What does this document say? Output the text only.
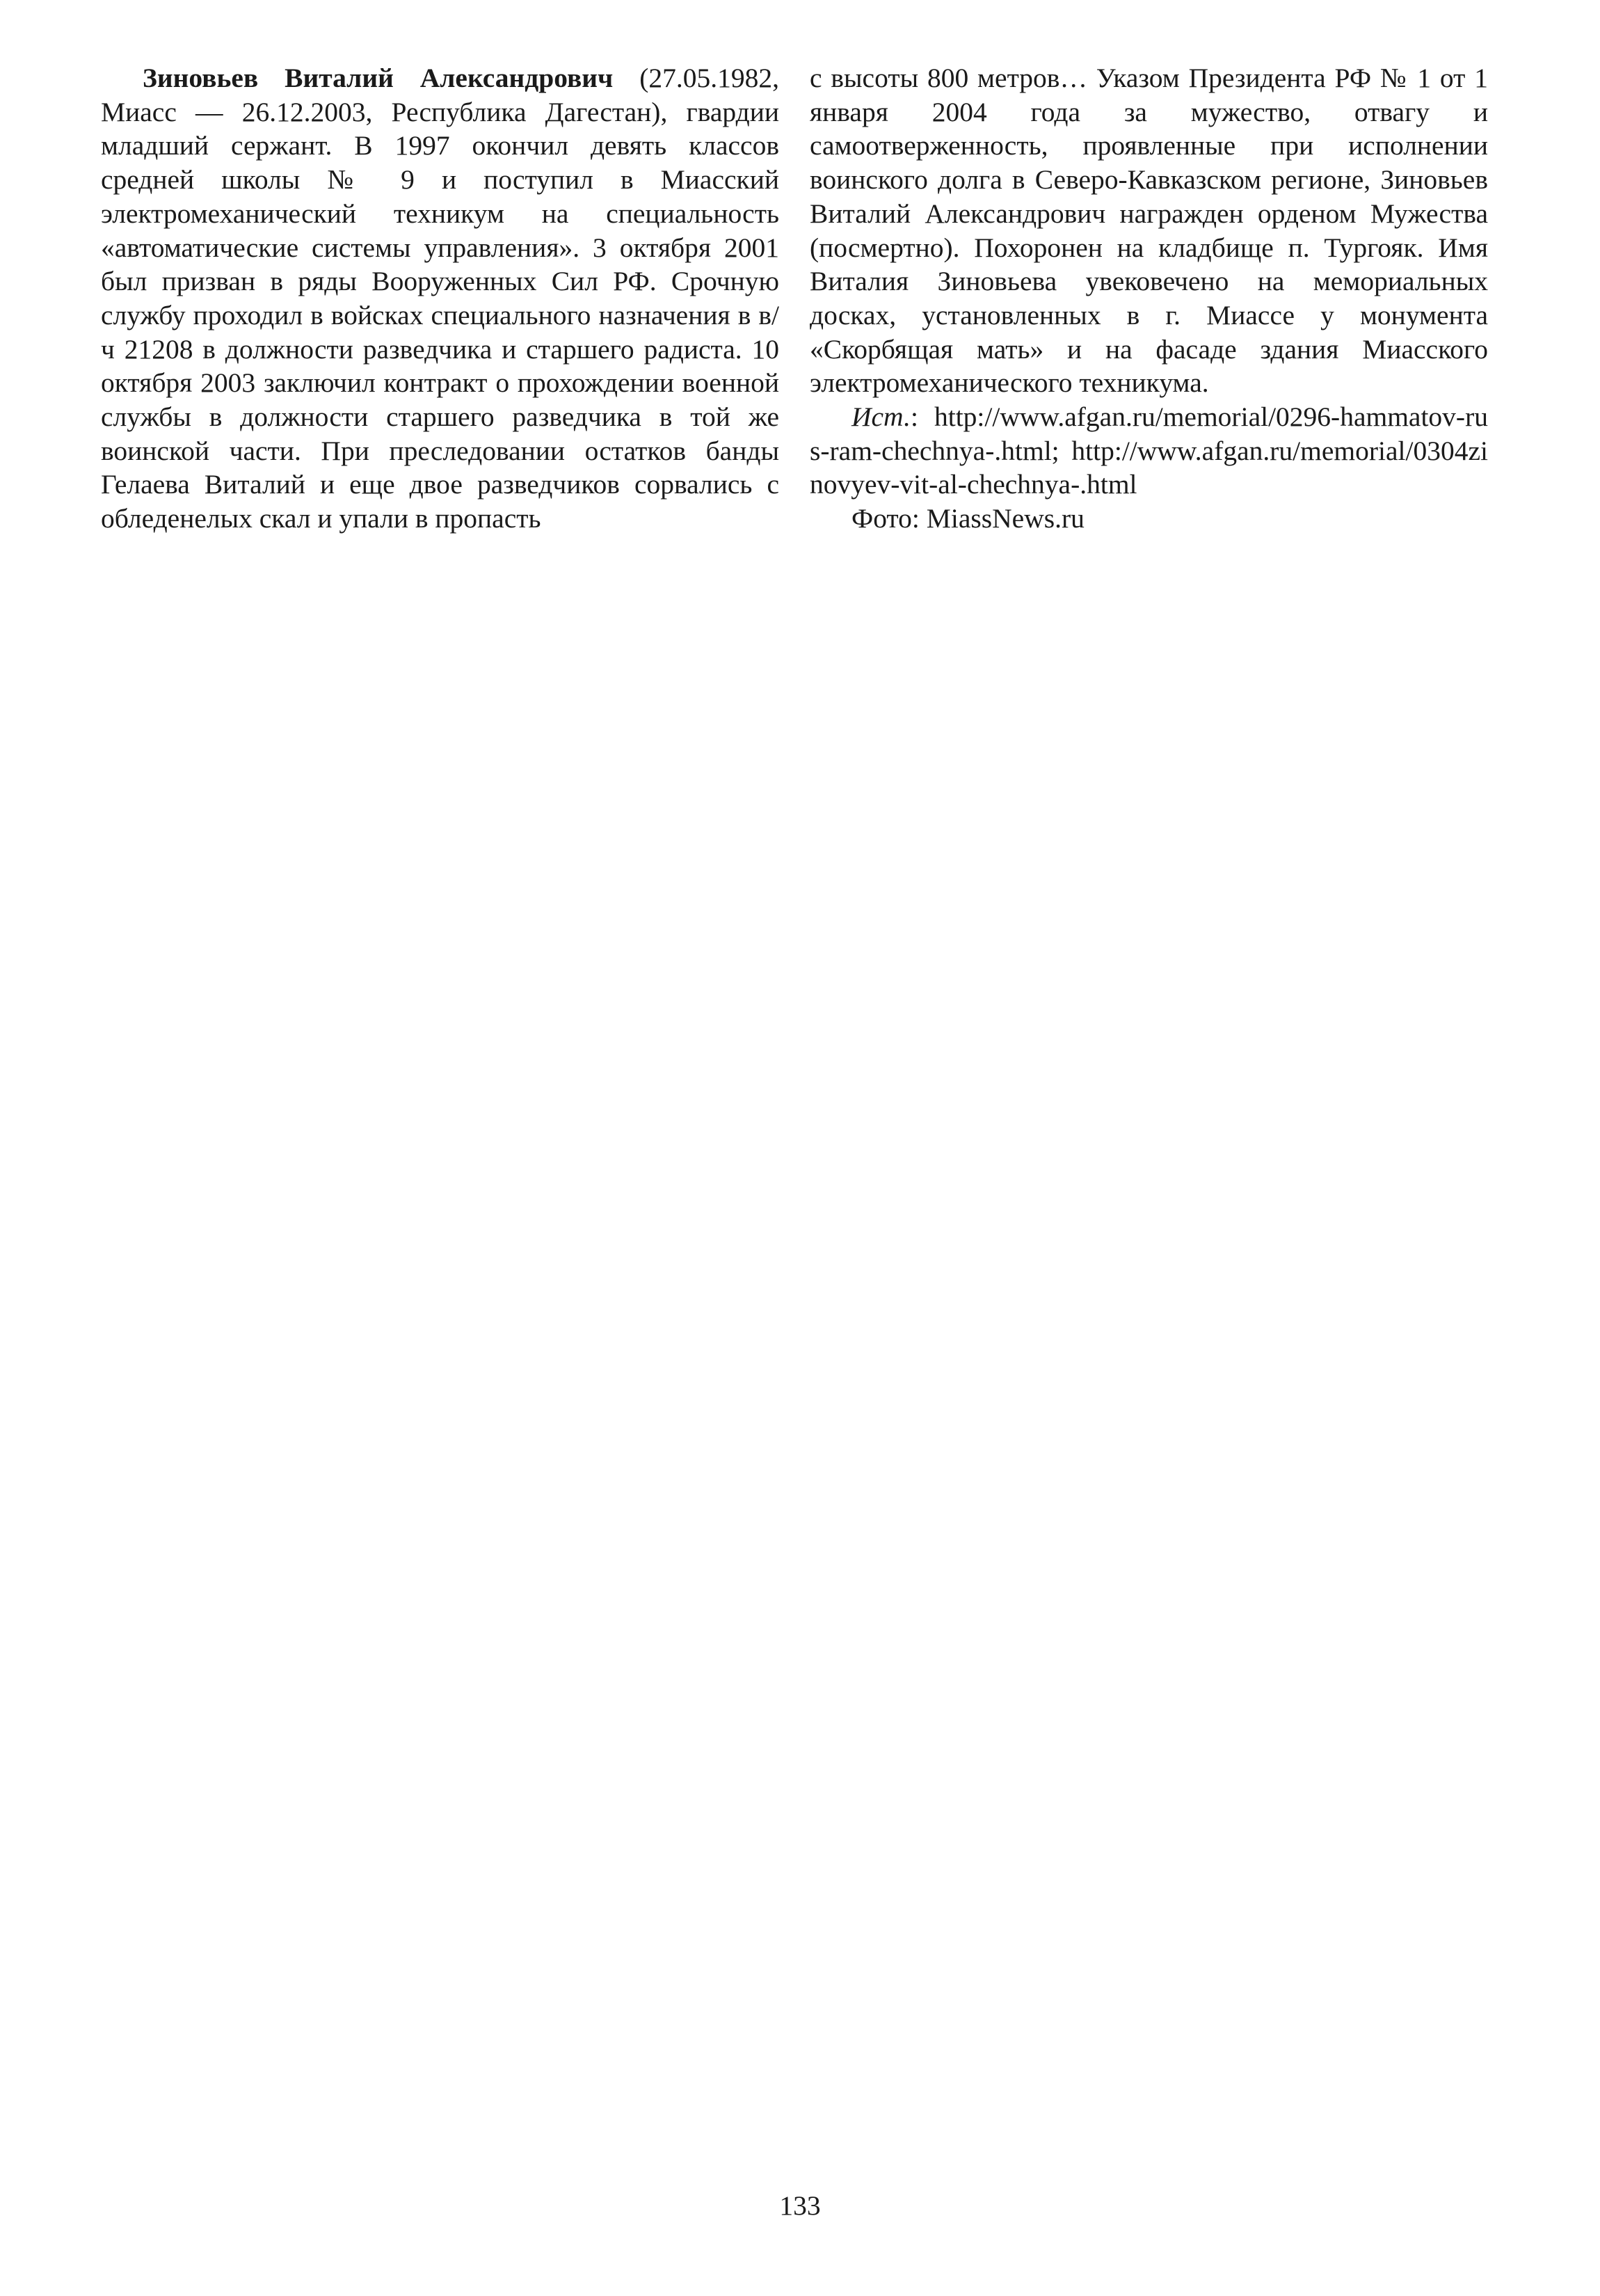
Зиновьев Виталий Александрович (27.05.1982, Миасс — 26.12.2003, Республика Дагестан), гвардии младший сержант. В 1997 окончил девять классов средней школы № 9 и поступил в Миасский электромеханический техникум на специальность «автоматические системы управления». 3 октября 2001 был призван в ряды Вооруженных Сил РФ. Срочную службу проходил в войсках специального назначения в в/ч 21208 в должности разведчика и старшего радиста. 10 октября 2003 заключил контракт о прохождении военной службы в должности старшего разведчика в той же воинской части. При преследовании остатков банды Гелаева Виталий и еще двое разведчиков сорвались с обледенелых скал и упали в пропасть

с высоты 800 метров… Указом Президента РФ № 1 от 1 января 2004 года за мужество, отвагу и самоотверженность, проявленные при исполнении воинского долга в Северо-Кавказском регионе, Зиновьев Виталий Александрович награжден орденом Мужества (посмертно). Похоронен на кладбище п. Тургояк. Имя Виталия Зиновьева увековечено на мемориальных досках, установленных в г. Миассе у монумента «Скорбящая мать» и на фасаде здания Миасского электромеханического техникума.

Ист.: http://www.afgan.ru/memorial/0296-hammatov-rus-ram-chechnya-.html; http://www.afgan.ru/memorial/0304zinovyev-vit-al-chechnya-.html

Фото: MiassNews.ru

133
